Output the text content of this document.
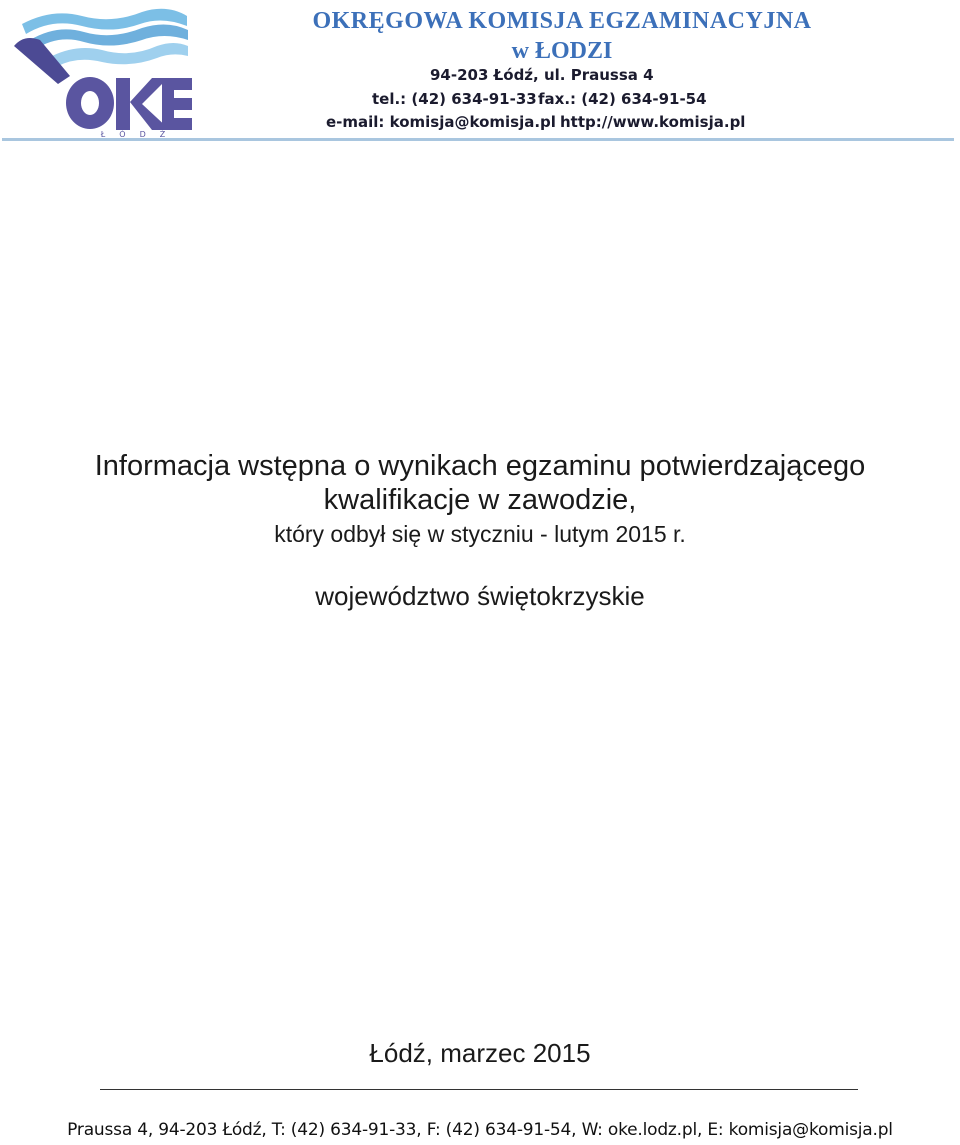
ŁÓDŹ
OKRĘGOWA KOMISJA EGZAMINACYJNA
w ŁODZI
94-203 Łódź, ul. Praussa 4
tel.: (42) 634-91-33 fax.: (42) 634-91-54
e-mail: komisja@komisja.pl http://www.komisja.pl
Informacja wstępna o wynikach egzaminu potwierdzającego
kwalifikacje w zawodzie,
który odbył się w styczniu - lutym 2015 r.
województwo świętokrzyskie
Łódź, marzec 2015
Praussa 4, 94-203 Łódź, T: (42) 634-91-33, F: (42) 634-91-54, W: oke.lodz.pl, E: komisja@komisja.pl
